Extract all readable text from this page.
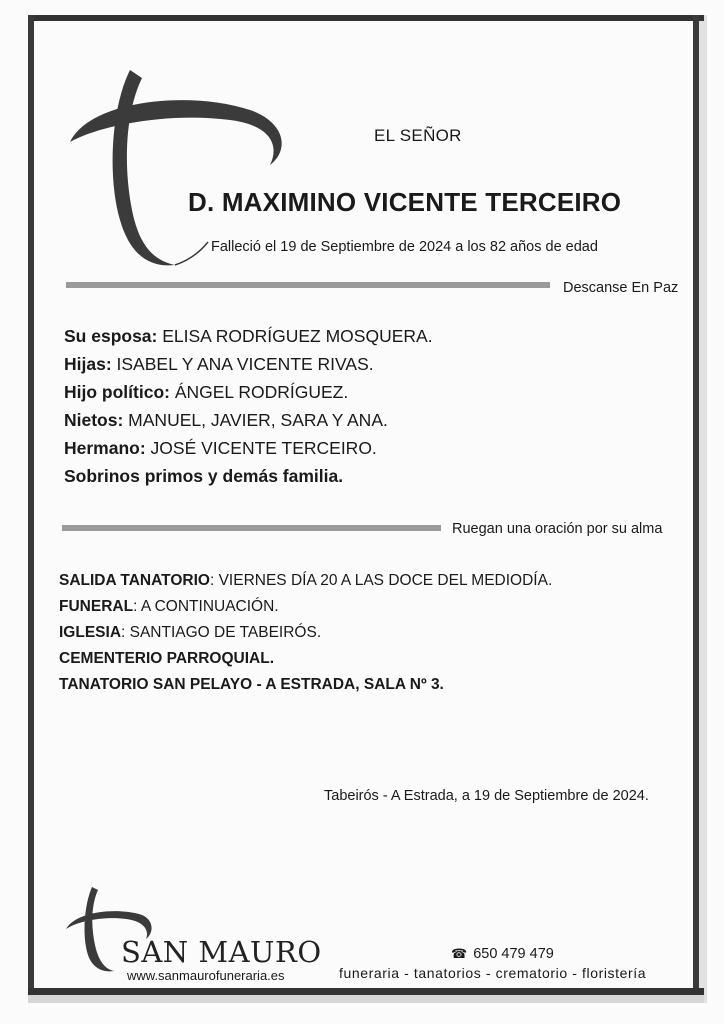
EL SEÑOR
D. MAXIMINO VICENTE TERCEIRO
Falleció el 19 de Septiembre de 2024 a los 82 años de edad
Descanse En Paz
Su esposa: ELISA RODRÍGUEZ MOSQUERA.
Hijas: ISABEL Y ANA VICENTE RIVAS.
Hijo político: ÁNGEL RODRÍGUEZ.
Nietos: MANUEL, JAVIER, SARA Y ANA.
Hermano: JOSÉ VICENTE TERCEIRO.
Sobrinos primos y demás familia.
Ruegan una oración por su alma
SALIDA TANATORIO: VIERNES DÍA 20 A LAS DOCE DEL MEDIODÍA.
FUNERAL: A CONTINUACIÓN.
IGLESIA: SANTIAGO DE TABEIRÓS.
CEMENTERIO PARROQUIAL.
TANATORIO SAN PELAYO - A ESTRADA, SALA Nº 3.
Tabeirós - A Estrada, a 19 de Septiembre de 2024.
SAN MAURO
www.sanmaurofuneraria.es
☎ 650 479 479
funeraria - tanatorios - crematorio - floristería
